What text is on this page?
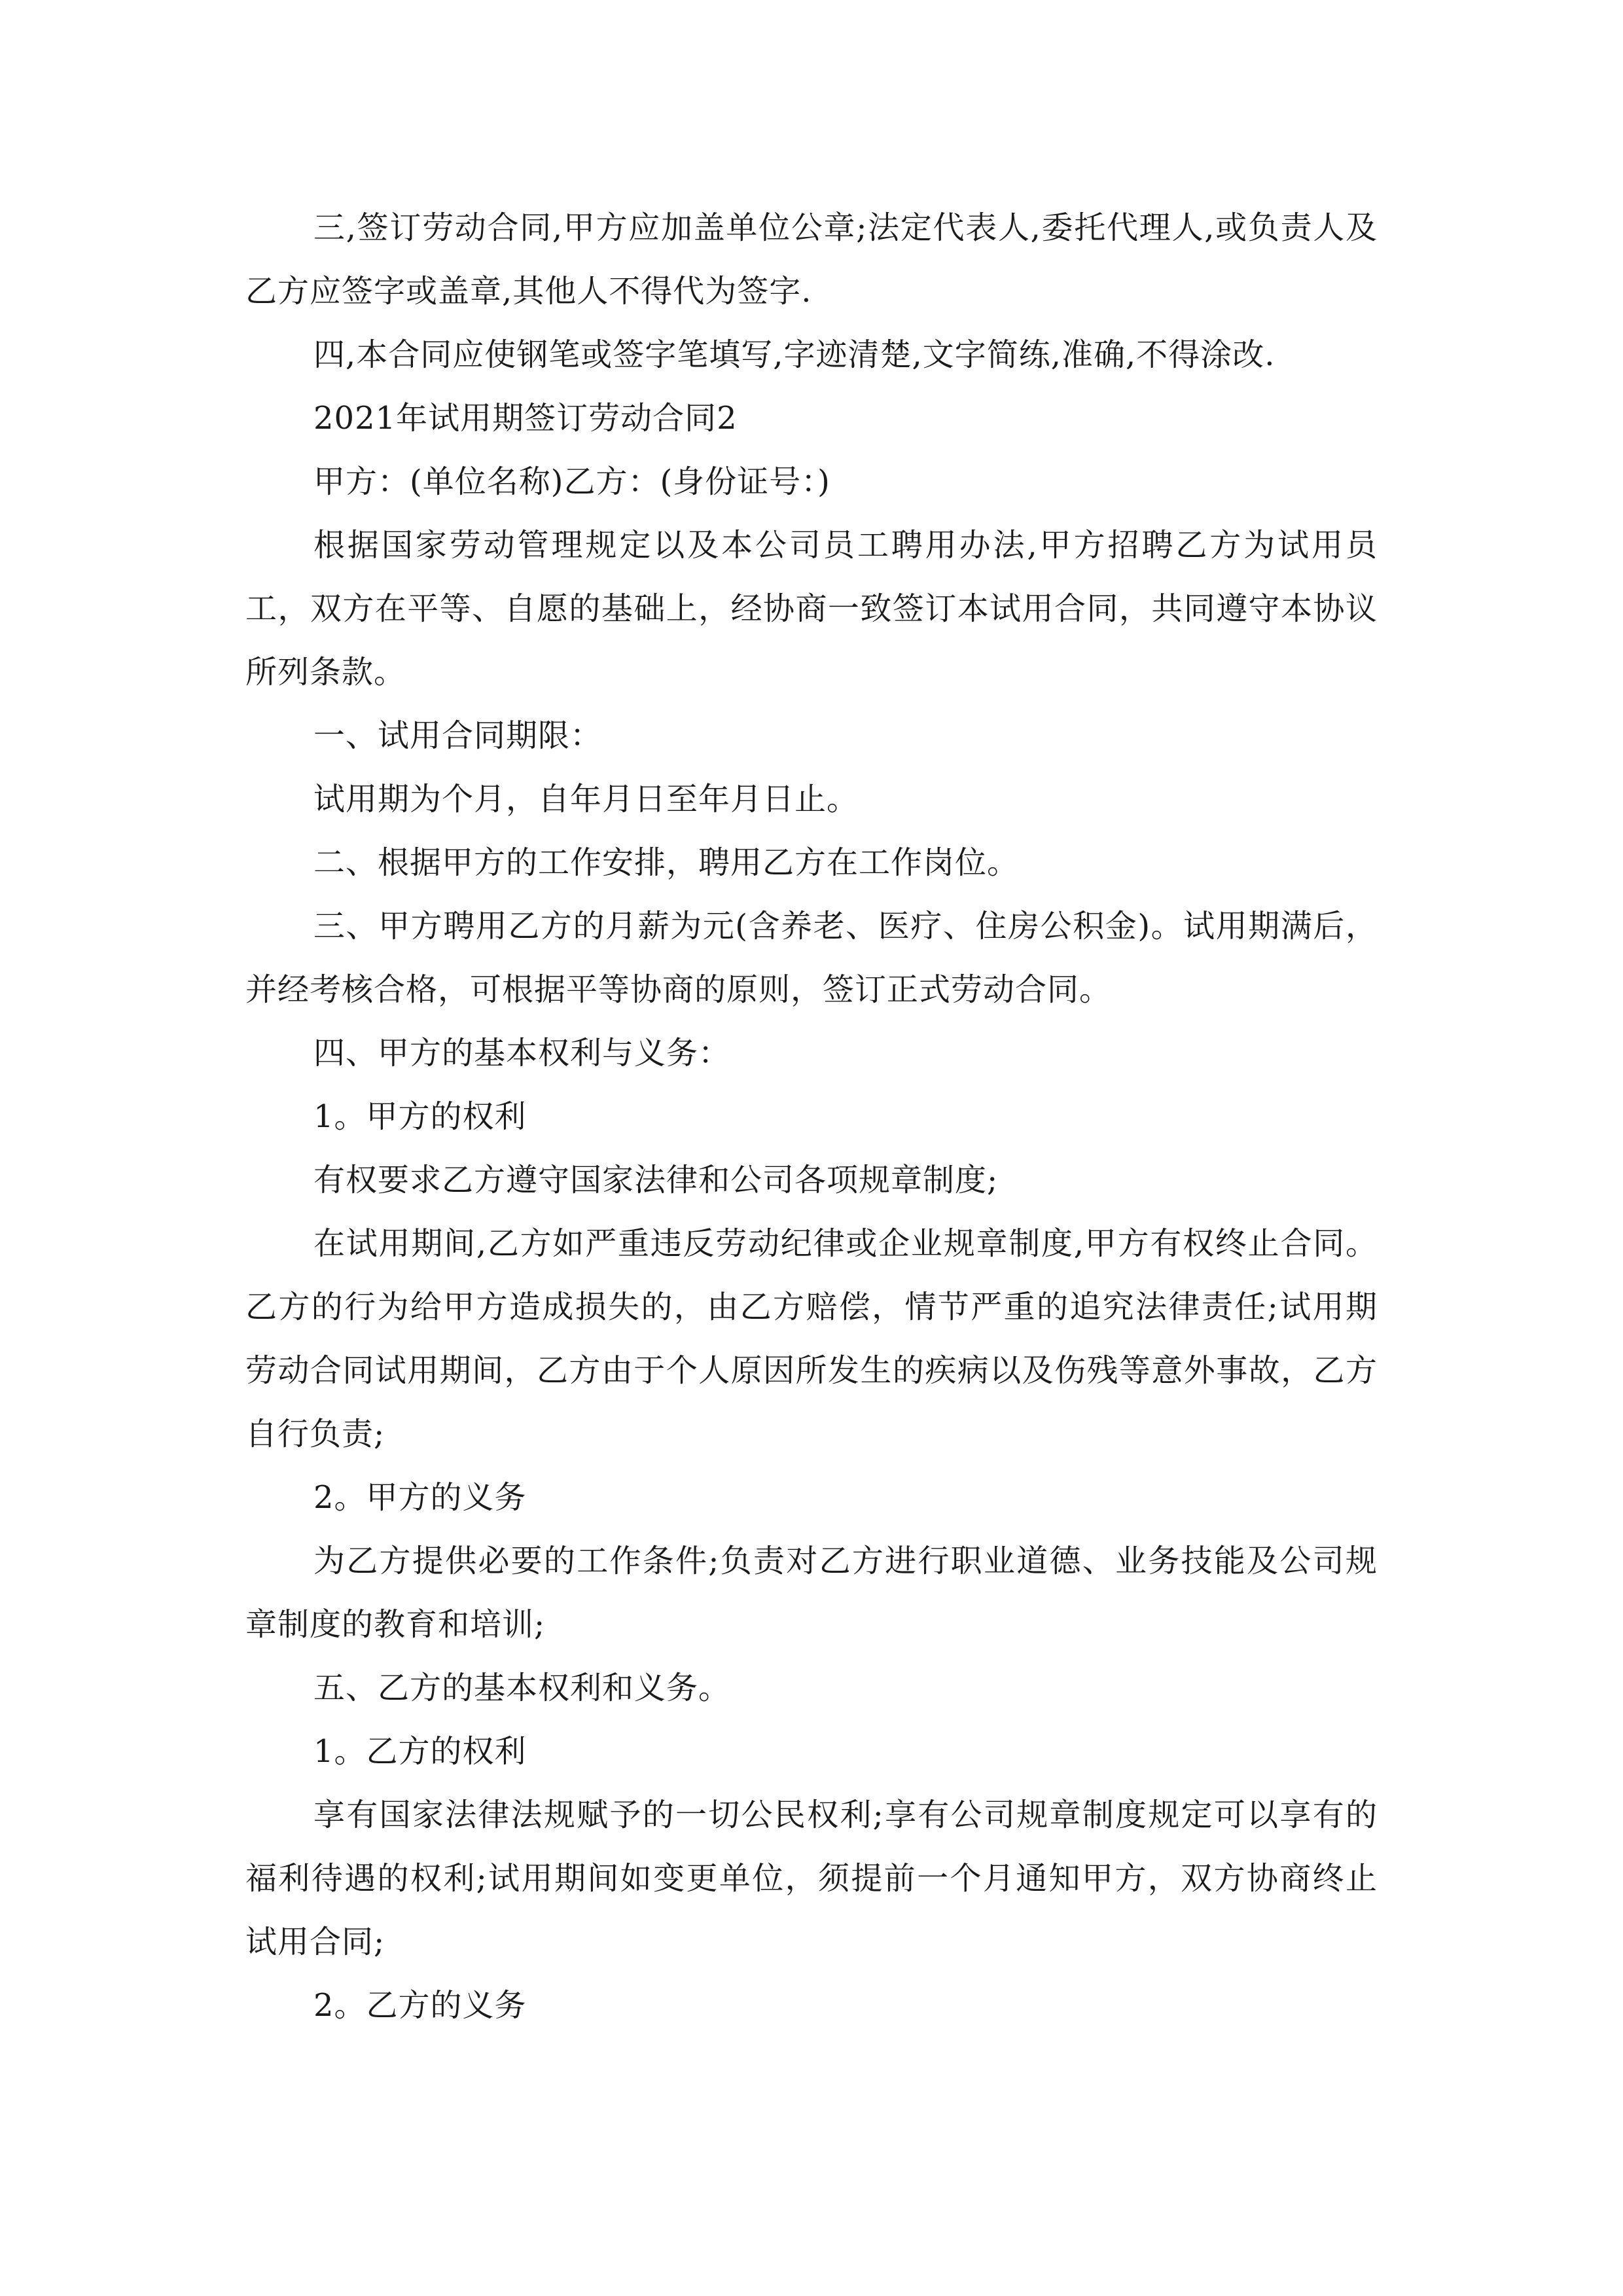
三,签订劳动合同,甲方应加盖单位公章;法定代表人,委托代理人,或负责人及乙方应签字或盖章,其他人不得代为签字.

四,本合同应使钢笔或签字笔填写,字迹清楚,文字简练,准确,不得涂改.

2021年试用期签订劳动合同2

甲方：(单位名称)乙方：(身份证号：)

根据国家劳动管理规定以及本公司员工聘用办法,甲方招聘乙方为试用员工，双方在平等、自愿的基础上，经协商一致签订本试用合同，共同遵守本协议所列条款。

一、试用合同期限：

试用期为个月，自年月日至年月日止。

二、根据甲方的工作安排，聘用乙方在工作岗位。

三、甲方聘用乙方的月薪为元(含养老、医疗、住房公积金)。试用期满后，并经考核合格，可根据平等协商的原则，签订正式劳动合同。

四、甲方的基本权利与义务：

1。甲方的权利

有权要求乙方遵守国家法律和公司各项规章制度;

在试用期间,乙方如严重违反劳动纪律或企业规章制度,甲方有权终止合同。乙方的行为给甲方造成损失的，由乙方赔偿，情节严重的追究法律责任;试用期劳动合同试用期间，乙方由于个人原因所发生的疾病以及伤残等意外事故，乙方自行负责;

2。甲方的义务

为乙方提供必要的工作条件;负责对乙方进行职业道德、业务技能及公司规章制度的教育和培训;

五、乙方的基本权利和义务。

1。乙方的权利

享有国家法律法规赋予的一切公民权利;享有公司规章制度规定可以享有的福利待遇的权利;试用期间如变更单位，须提前一个月通知甲方，双方协商终止试用合同;

2。乙方的义务
